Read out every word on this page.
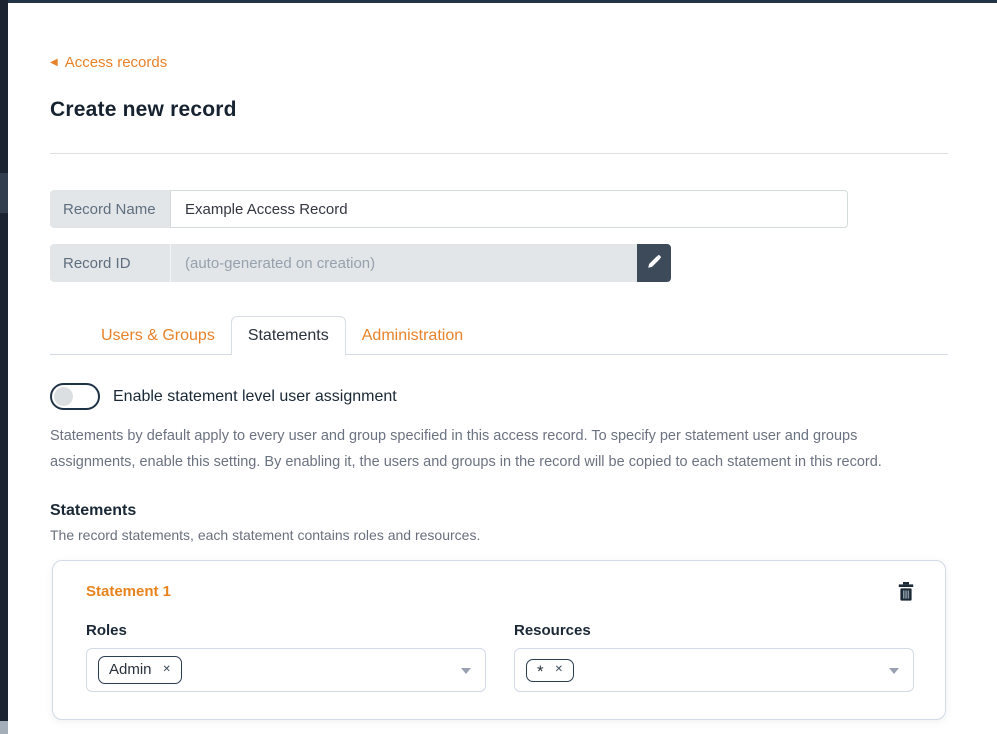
◀ Access records
Create new record
Record Name
Example Access Record
Record ID
(auto-generated on creation)
Users & Groups	Statements	Administration
Enable statement level user assignment

Statements by default apply to every user and group specified in this access record. To specify per statement user and groups assignments, enable this setting. By enabling it, the users and groups in the record will be copied to each statement in this record.

Statements
The record statements, each statement contains roles and resources.
Statement 1
Roles
Admin ✕
Resources
* ✕
